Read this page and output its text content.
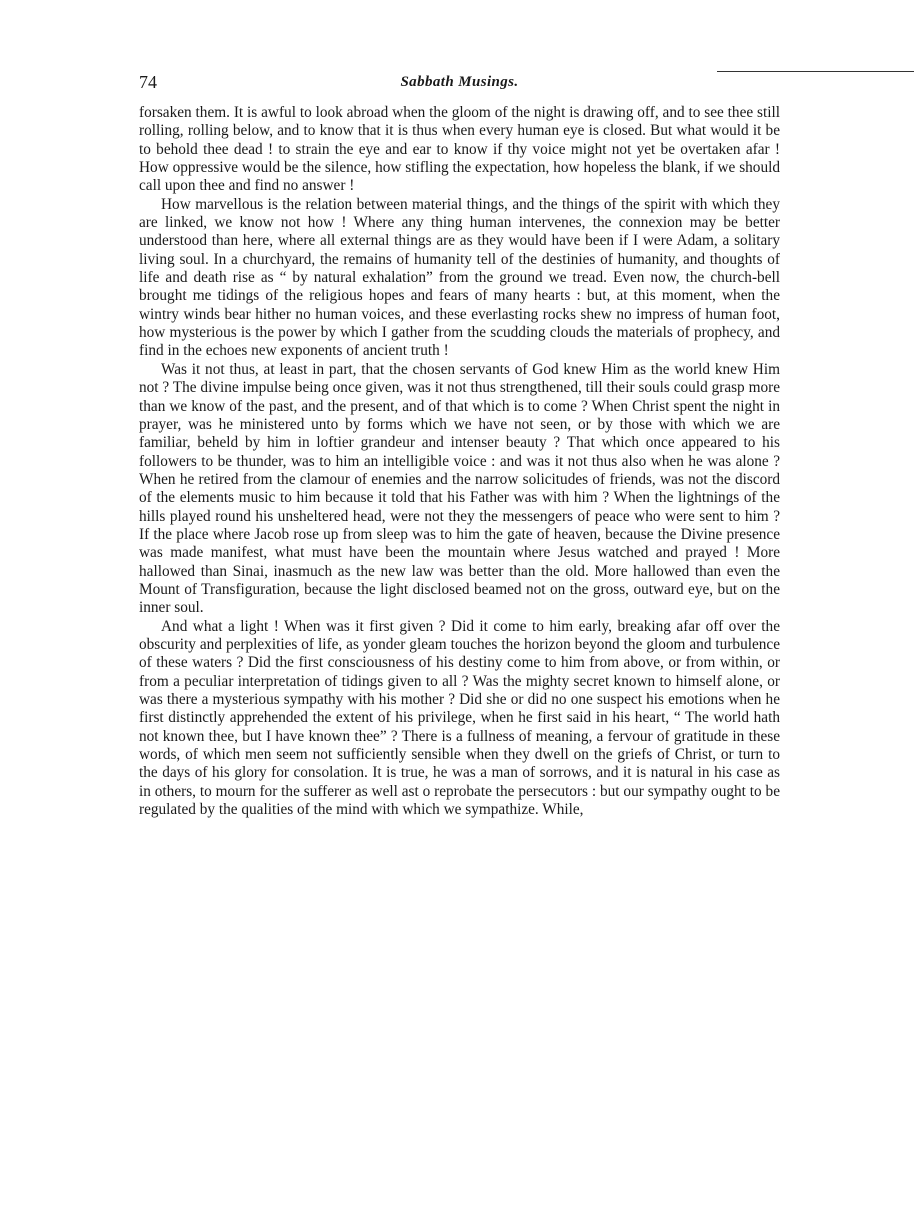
74	Sabbath Musings.

forsaken them. It is awful to look abroad when the gloom of the night is drawing off, and to see thee still rolling, rolling below, and to know that it is thus when every human eye is closed. But what would it be to behold thee dead ! to strain the eye and ear to know if thy voice might not yet be overtaken afar ! How oppressive would be the silence, how stifling the expectation, how hopeless the blank, if we should call upon thee and find no answer !

How marvellous is the relation between material things, and the things of the spirit with which they are linked, we know not how ! Where any thing human intervenes, the connexion may be better understood than here, where all external things are as they would have been if I were Adam, a solitary living soul. In a churchyard, the remains of humanity tell of the destinies of humanity, and thoughts of life and death rise as “ by natural exhalation” from the ground we tread. Even now, the church-bell brought me tidings of the religious hopes and fears of many hearts : but, at this moment, when the wintry winds bear hither no human voices, and these everlasting rocks shew no impress of human foot, how mysterious is the power by which I gather from the scudding clouds the materials of prophecy, and find in the echoes new exponents of ancient truth !

Was it not thus, at least in part, that the chosen servants of God knew Him as the world knew Him not ? The divine impulse being once given, was it not thus strengthened, till their souls could grasp more than we know of the past, and the present, and of that which is to come ? When Christ spent the night in prayer, was he ministered unto by forms which we have not seen, or by those with which we are familiar, beheld by him in loftier grandeur and intenser beauty ? That which once appeared to his followers to be thunder, was to him an intelligible voice : and was it not thus also when he was alone ? When he retired from the clamour of enemies and the narrow solicitudes of friends, was not the discord of the elements music to him because it told that his Father was with him ? When the lightnings of the hills played round his unsheltered head, were not they the messengers of peace who were sent to him ? If the place where Jacob rose up from sleep was to him the gate of heaven, because the Divine presence was made manifest, what must have been the mountain where Jesus watched and prayed ! More hallowed than Sinai, inasmuch as the new law was better than the old. More hallowed than even the Mount of Transfiguration, because the light disclosed beamed not on the gross, outward eye, but on the inner soul.

And what a light ! When was it first given ? Did it come to him early, breaking afar off over the obscurity and perplexities of life, as yonder gleam touches the horizon beyond the gloom and turbulence of these waters ? Did the first consciousness of his destiny come to him from above, or from within, or from a peculiar interpretation of tidings given to all ? Was the mighty secret known to himself alone, or was there a mysterious sympathy with his mother ? Did she or did no one suspect his emotions when he first distinctly apprehended the extent of his privilege, when he first said in his heart, “ The world hath not known thee, but I have known thee” ? There is a fullness of meaning, a fervour of gratitude in these words, of which men seem not sufficiently sensible when they dwell on the griefs of Christ, or turn to the days of his glory for consolation. It is true, he was a man of sorrows, and it is natural in his case as in others, to mourn for the sufferer as well ast o reprobate the persecutors : but our sympathy ought to be regulated by the qualities of the mind with which we sympathize. While,
